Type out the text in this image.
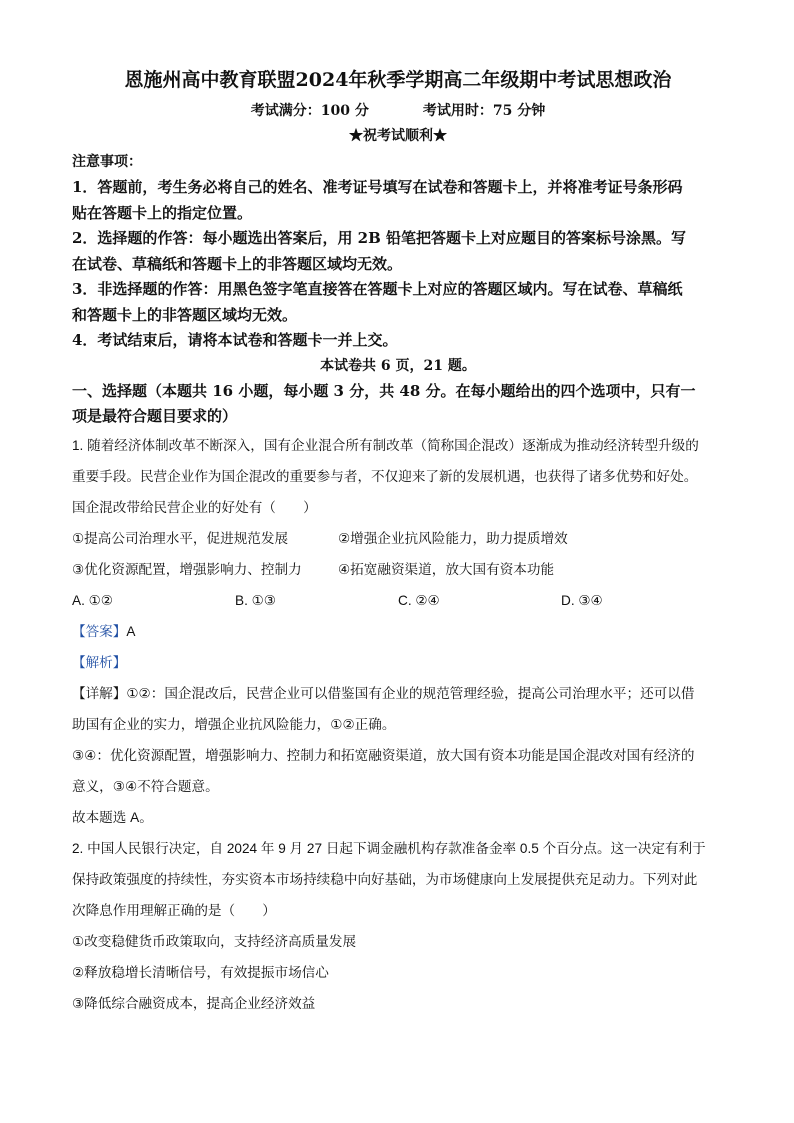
恩施州高中教育联盟2024年秋季学期高二年级期中考试思想政治
考试满分：100 分	考试用时：75 分钟
★祝考试顺利★
注意事项：
1．答题前，考生务必将自己的姓名、准考证号填写在试卷和答题卡上，并将准考证号条形码
贴在答题卡上的指定位置。
2．选择题的作答：每小题选出答案后，用 2B 铅笔把答题卡上对应题目的答案标号涂黑。写
在试卷、草稿纸和答题卡上的非答题区域均无效。
3．非选择题的作答：用黑色签字笔直接答在答题卡上对应的答题区域内。写在试卷、草稿纸
和答题卡上的非答题区域均无效。
4．考试结束后，请将本试卷和答题卡一并上交。
本试卷共 6 页，21 题。
一、选择题（本题共 16 小题，每小题 3 分，共 48 分。在每小题给出的四个选项中，只有一
项是最符合题目要求的）
1. 随着经济体制改革不断深入，国有企业混合所有制改革（简称国企混改）逐渐成为推动经济转型升级的
重要手段。民营企业作为国企混改的重要参与者，不仅迎来了新的发展机遇，也获得了诸多优势和好处。
国企混改带给民营企业的好处有（　　）
①提高公司治理水平，促进规范发展	②增强企业抗风险能力，助力提质增效
③优化资源配置，增强影响力、控制力	④拓宽融资渠道，放大国有资本功能
A. ①②	B. ①③	C. ②④	D. ③④
【答案】A
【解析】
【详解】①②：国企混改后，民营企业可以借鉴国有企业的规范管理经验，提高公司治理水平；还可以借
助国有企业的实力，增强企业抗风险能力，①②正确。
③④：优化资源配置，增强影响力、控制力和拓宽融资渠道，放大国有资本功能是国企混改对国有经济的
意义，③④不符合题意。
故本题选 A。
2. 中国人民银行决定，自 2024 年 9 月 27 日起下调金融机构存款准备金率 0.5 个百分点。这一决定有利于
保持政策强度的持续性，夯实资本市场持续稳中向好基础，为市场健康向上发展提供充足动力。下列对此
次降息作用理解正确的是（　　）
①改变稳健货币政策取向，支持经济高质量发展
②释放稳增长清晰信号，有效提振市场信心
③降低综合融资成本，提高企业经济效益
